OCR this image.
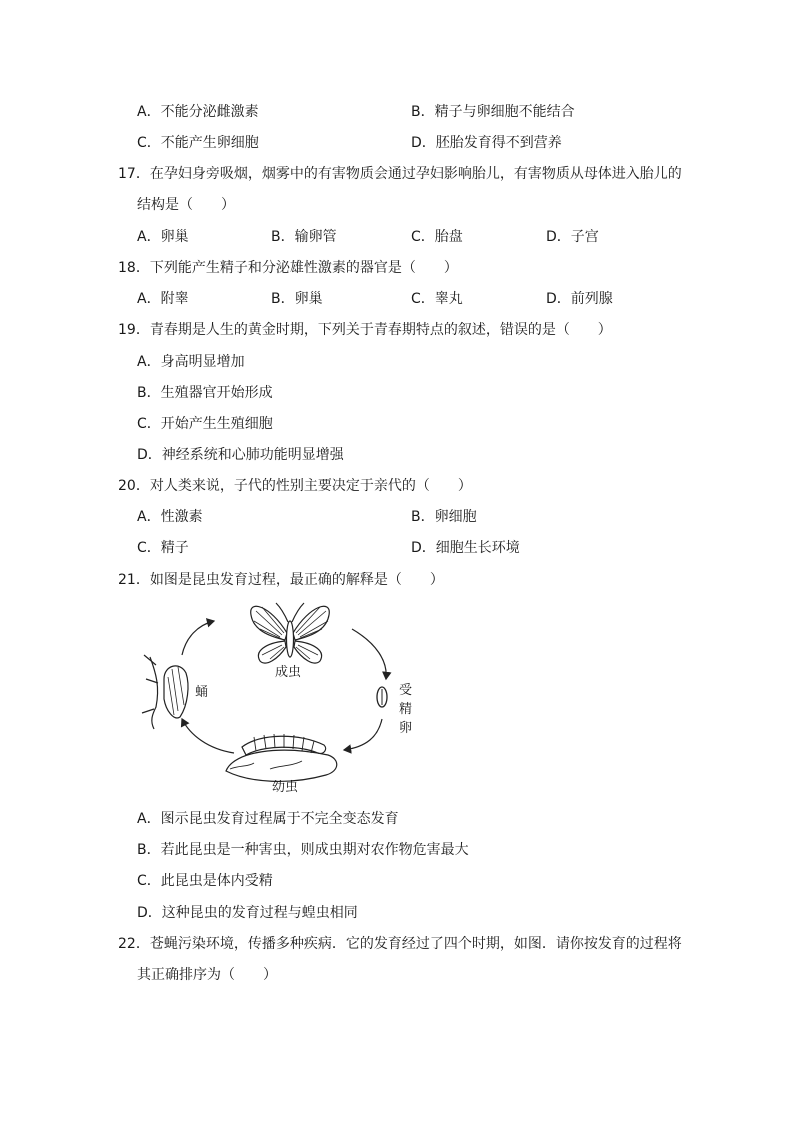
A．不能分泌雌激素	B．精子与卵细胞不能结合
C．不能产生卵细胞	D．胚胎发育得不到营养
17．在孕妇身旁吸烟，烟雾中的有害物质会通过孕妇影响胎儿，有害物质从母体进入胎儿的
结构是（　　）
A．卵巢	B．输卵管	C．胎盘	D．子宫
18．下列能产生精子和分泌雄性激素的器官是（　　）
A．附睾	B．卵巢	C．睾丸	D．前列腺
19．青春期是人生的黄金时期，下列关于青春期特点的叙述，错误的是（　　）
A．身高明显增加
B．生殖器官开始形成
C．开始产生生殖细胞
D．神经系统和心肺功能明显增强
20．对人类来说，子代的性别主要决定于亲代的（　　）
A．性激素	B．卵细胞
C．精子	D．细胞生长环境
21．如图是昆虫发育过程，最正确的解释是（　　）
成虫
受
精
卵
蛹
幼虫
A．图示昆虫发育过程属于不完全变态发育
B．若此昆虫是一种害虫，则成虫期对农作物危害最大
C．此昆虫是体内受精
D．这种昆虫的发育过程与蝗虫相同
22．苍蝇污染环境，传播多种疾病．它的发育经过了四个时期，如图．请你按发育的过程将
其正确排序为（　　）
